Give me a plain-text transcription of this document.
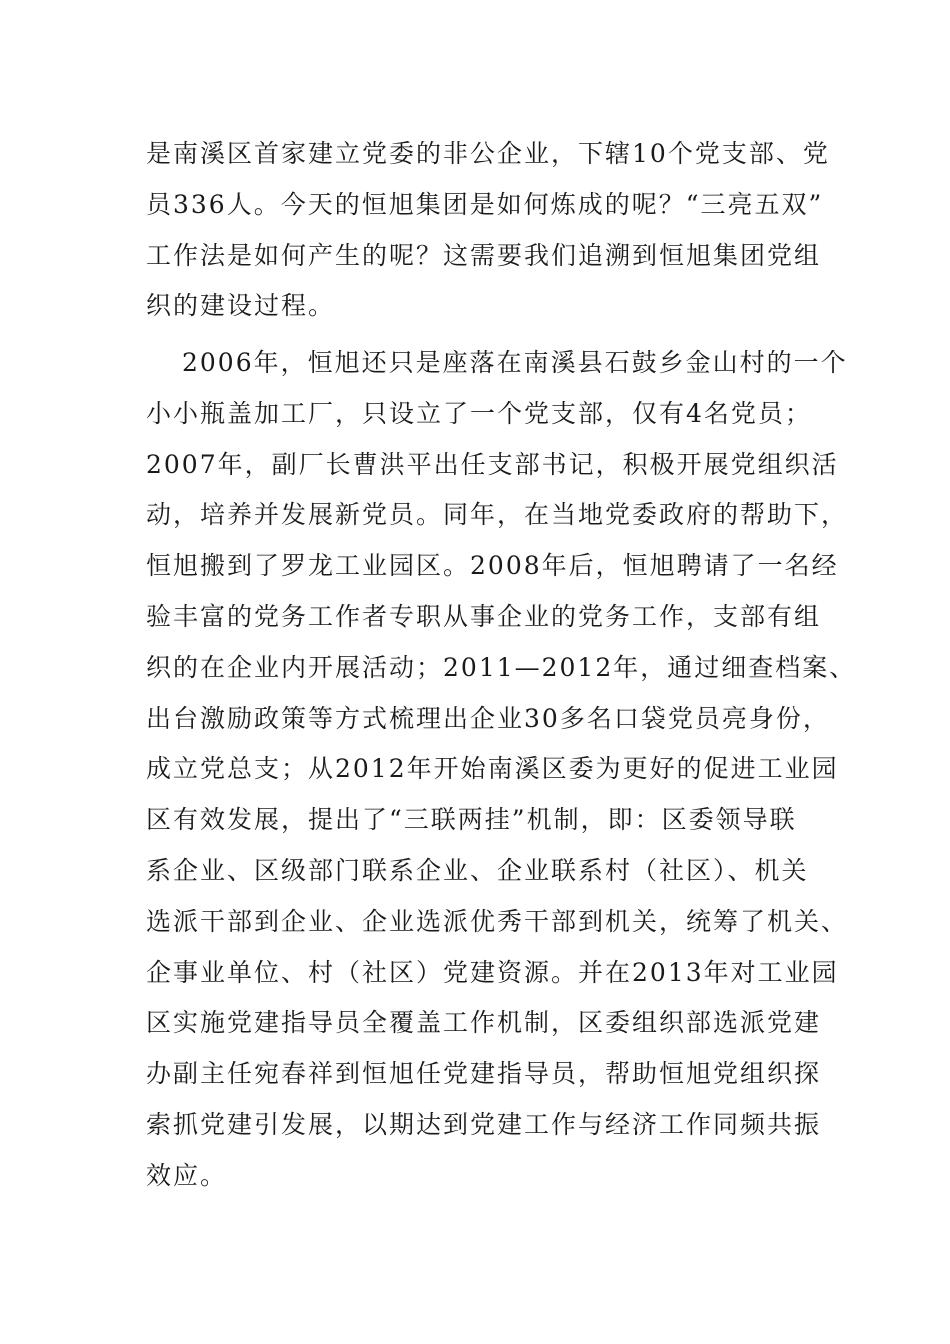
是南溪区首家建立党委的非公企业，下辖10个党支部、党
员336人。今天的恒旭集团是如何炼成的呢？“三亮五双”
工作法是如何产生的呢？这需要我们追溯到恒旭集团党组
织的建设过程。
2006年，恒旭还只是座落在南溪县石鼓乡金山村的一个
小小瓶盖加工厂，只设立了一个党支部，仅有4名党员；
2007年，副厂长曹洪平出任支部书记，积极开展党组织活
动，培养并发展新党员。同年，在当地党委政府的帮助下，
恒旭搬到了罗龙工业园区。2008年后，恒旭聘请了一名经
验丰富的党务工作者专职从事企业的党务工作，支部有组
织的在企业内开展活动；2011—2012年，通过细查档案、
出台激励政策等方式梳理出企业30多名口袋党员亮身份，
成立党总支；从2012年开始南溪区委为更好的促进工业园
区有效发展，提出了“三联两挂”机制，即：区委领导联
系企业、区级部门联系企业、企业联系村（社区）、机关
选派干部到企业、企业选派优秀干部到机关，统筹了机关、
企事业单位、村（社区）党建资源。并在2013年对工业园
区实施党建指导员全覆盖工作机制，区委组织部选派党建
办副主任宛春祥到恒旭任党建指导员，帮助恒旭党组织探
索抓党建引发展，以期达到党建工作与经济工作同频共振
效应。
